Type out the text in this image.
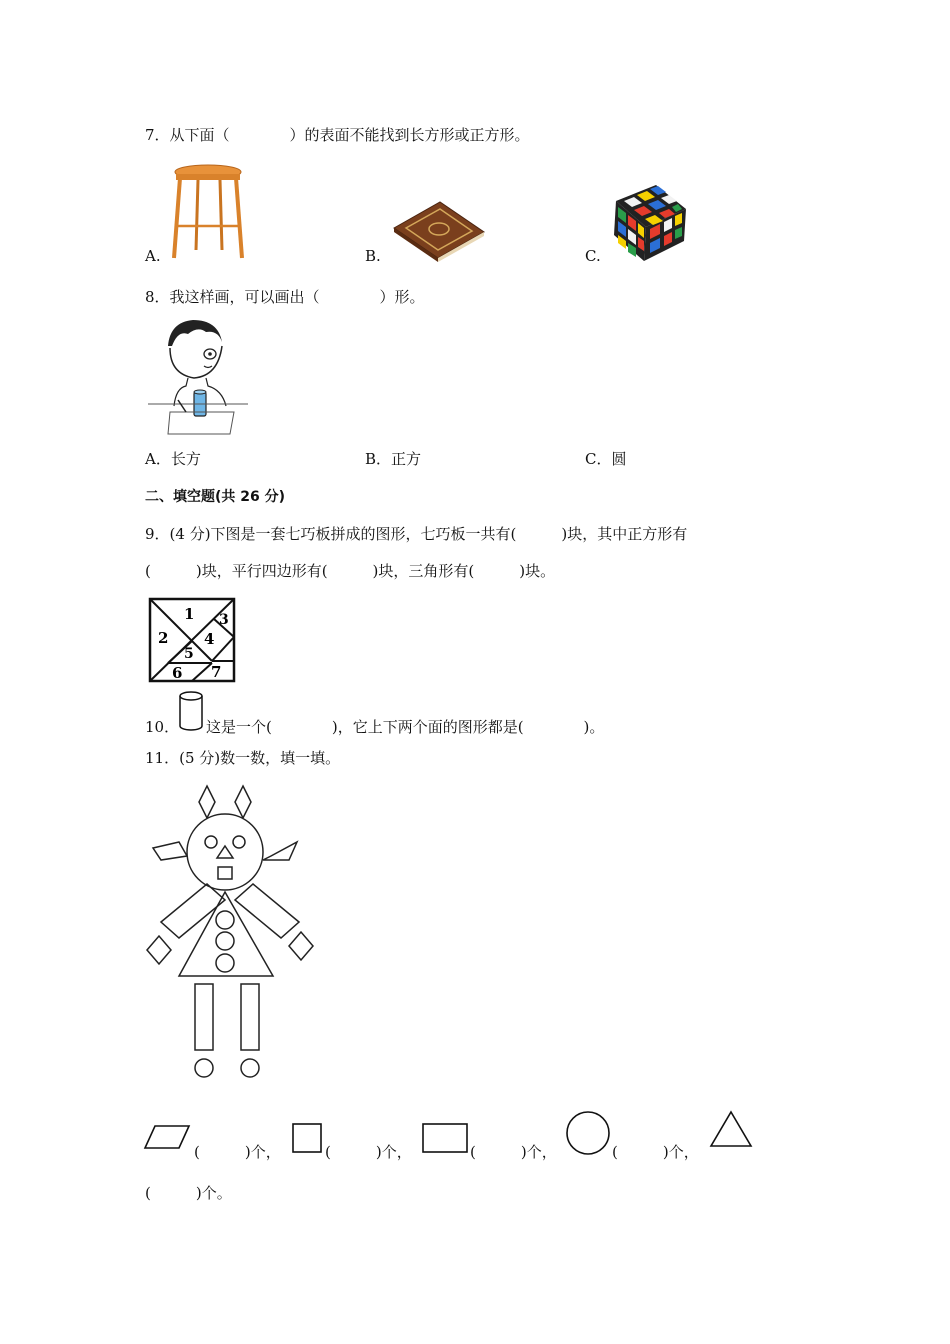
7．从下面（　　　　）的表面不能找到长方形或正方形。
A.	B.	C.
8．我这样画，可以画出（　　　　）形。
A．长方	B．正方	C．圆
二、填空题(共 26 分)
9．(4 分)下图是一套七巧板拼成的图形，七巧板一共有(　　　)块，其中正方形有
(　　　)块，平行四边形有(　　　)块，三角形有(　　　)块。
1
2
3
4
5
6 7
10． 这是一个(　　　　)，它上下两个面的图形都是(　　　　)。
11．(5 分)数一数，填一填。
(　　　)个，	(　　　)个，	(　　　)个，	(　　　)个，
(　　　)个。
